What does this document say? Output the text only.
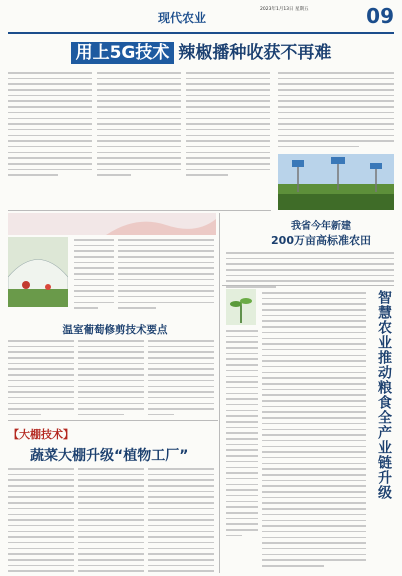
现代农业
2023年1月13日 星期五	09
用上5G技术 辣椒播种收获不再难
我省今年新建
200万亩高标准农田
温室葡萄修剪技术要点
【大棚技术】
蔬菜大棚升级“植物工厂”	智慧农业推动粮食全产业链升级
